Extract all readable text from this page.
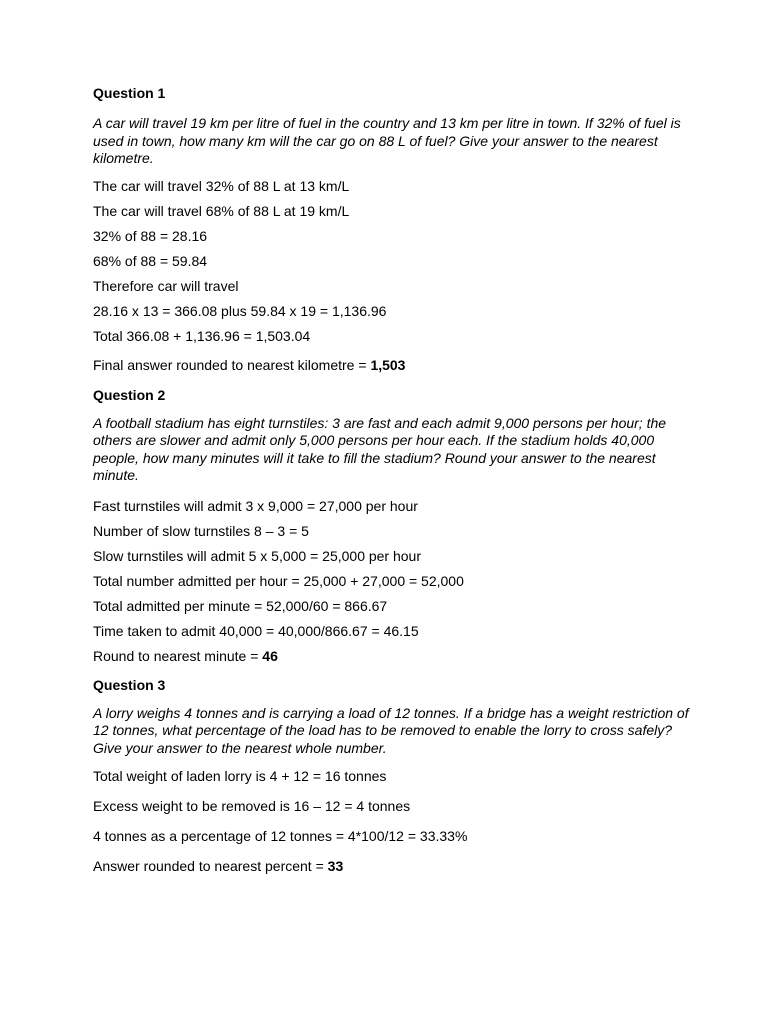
Question 1

A car will travel 19 km per litre of fuel in the country and 13 km per litre in town. If 32% of fuel is used in town, how many km will the car go on 88 L of fuel? Give your answer to the nearest kilometre.

The car will travel 32% of 88 L at 13 km/L

The car will travel 68% of 88 L at 19 km/L

32% of 88 = 28.16

68% of 88 = 59.84

Therefore car will travel

28.16 x 13 = 366.08 plus 59.84 x 19 = 1,136.96

Total 366.08 + 1,136.96 = 1,503.04

Final answer rounded to nearest kilometre = 1,503

Question 2

A football stadium has eight turnstiles: 3 are fast and each admit 9,000 persons per hour; the others are slower and admit only 5,000 persons per hour each. If the stadium holds 40,000 people, how many minutes will it take to fill the stadium? Round your answer to the nearest minute.

Fast turnstiles will admit 3 x 9,000 = 27,000 per hour

Number of slow turnstiles 8 – 3 = 5

Slow turnstiles will admit 5 x 5,000 = 25,000 per hour

Total number admitted per hour = 25,000 + 27,000 = 52,000

Total admitted per minute = 52,000/60 = 866.67

Time taken to admit 40,000 = 40,000/866.67 = 46.15

Round to nearest minute = 46

Question 3

A lorry weighs 4 tonnes and is carrying a load of 12 tonnes. If a bridge has a weight restriction of 12 tonnes, what percentage of the load has to be removed to enable the lorry to cross safely? Give your answer to the nearest whole number.

Total weight of laden lorry is 4 + 12 = 16 tonnes

Excess weight to be removed is 16 – 12 = 4 tonnes

4 tonnes as a percentage of 12 tonnes = 4*100/12 = 33.33%

Answer rounded to nearest percent = 33
